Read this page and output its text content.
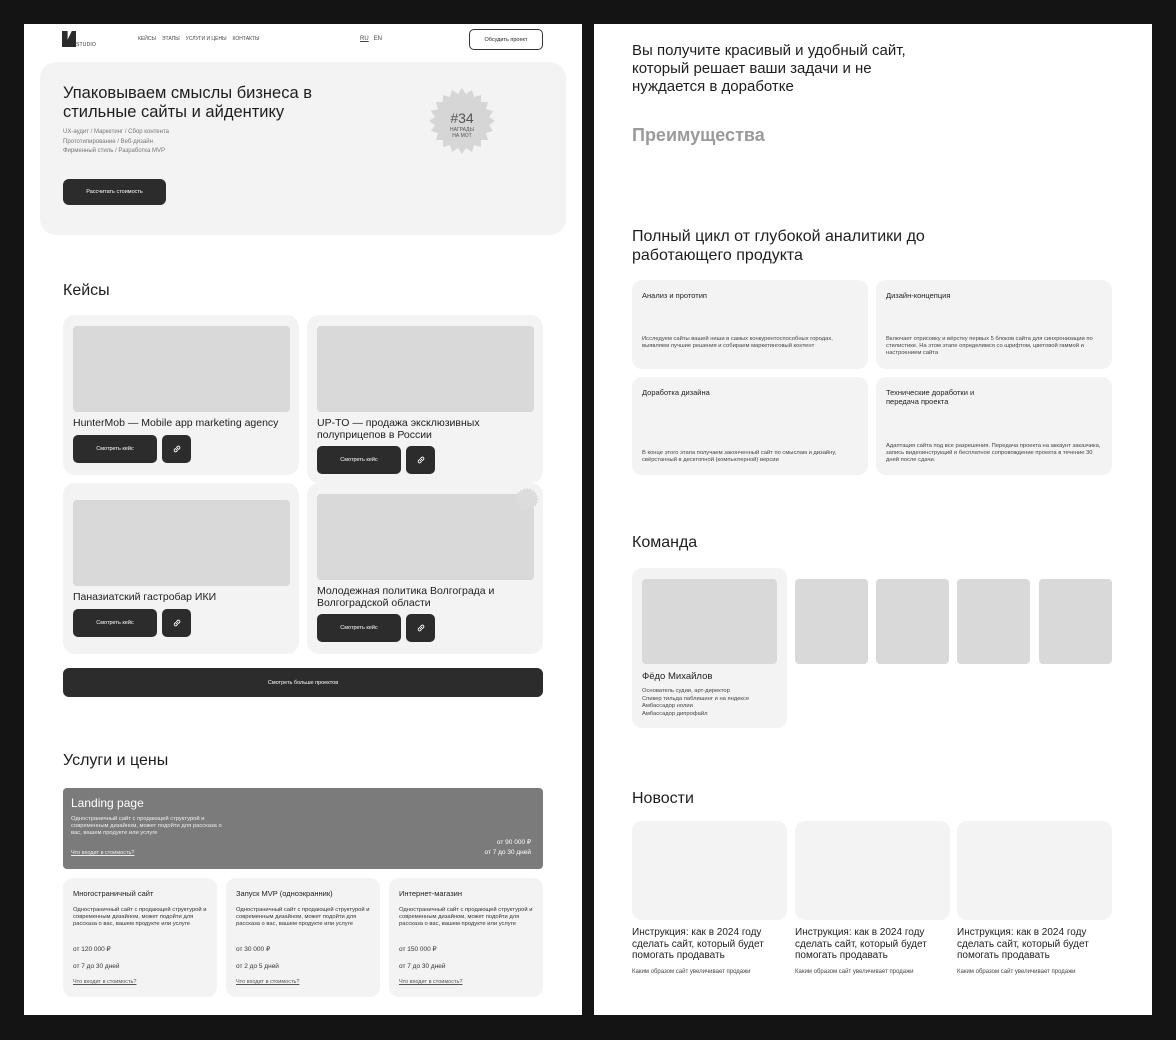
STUDIO
КЕЙСЫ ЭТАПЫ УСЛУГИ И ЦЕНЫ КОНТАКТЫ	RU EN	Обсудить проект
Упаковываем смыслы бизнеса в стильные сайты и айдентику
UX-аудит / Маркетинг / Сбор контента
Прототипирование / Веб-дизайн
Фирменный стиль / Разработка MVP
Рассчитать стоимость
#34
НАГРАДЫ
НА МОТ
Кейсы
HunterMob — Mobile app marketing agency
Смотреть кейс
UP-TO — продажа эксклюзивных полуприцепов в России
Смотреть кейс
Паназиатский гастробар ИКИ
Смотреть кейс
Молодежная политика Волгограда и Волгоградской области
Смотреть кейс
Смотреть больше проектов
Услуги и цены
Landing page
Одностраничный сайт с продающей структурой и современным дизайном, может подойти для рассказа о вас, вашем продукте или услуге
от 90 000 ₽
от 7 до 30 дней
Что входит в стоимость?
Многостраничный сайт
Одностраничный сайт с продающей структурой и современным дизайном, может подойти для рассказа о вас, вашем продукте или услуге
от 120 000 ₽
от 7 до 30 дней
Что входит в стоимость?
Запуск MVP (одноэкранник)
Одностраничный сайт с продающей структурой и современным дизайном, может подойти для рассказа о вас, вашем продукте или услуге
от 30 000 ₽
от 2 до 5 дней
Что входит в стоимость?
Интернет-магазин
Одностраничный сайт с продающей структурой и современным дизайном, может подойти для рассказа о вас, вашем продукте или услуге
от 150 000 ₽
от 7 до 30 дней
Что входит в стоимость?
Вы получите красивый и удобный сайт, который решает ваши задачи и не нуждается в доработке
Преимущества
Полный цикл от глубокой аналитики до работающего продукта
Анализ и прототип
Исследуем сайты вашей ниши в самых конкурентоспособных городах, выявляем лучшие решения и собираем маркетинговый контент
Дизайн-концепция
Включает отрисовку и вёрстку первых 5 блоков сайта для синхронизации по стилистике. На этом этапе определимся со шрифтом, цветовой гаммой и настроением сайта
Доработка дизайна
В конце этого этапа получаем законченный сайт по смыслам и дизайну, свёрстанный в десктопной (компьютерной) версии
Технические доработки и передача проекта
Адаптация сайта под все разрешения. Передача проекта на аккаунт заказчика, запись видеоинструкций и бесплатное сопровождение проекта в течение 30 дней после сдачи.
Команда
Фёдо Михайлов
Основатель судии, арт-директор
Спикер тильда паблишинг и на яндексе
Амбассадор нолии
Амбассадор дипрофайл
Новости
Инструкция: как в 2024 году сделать сайт, который будет помогать продавать
Каким образом сайт увеличивает продажи
Инструкция: как в 2024 году сделать сайт, который будет помогать продавать
Каким образом сайт увеличивает продажи
Инструкция: как в 2024 году сделать сайт, который будет помогать продавать
Каким образом сайт увеличивает продажи
